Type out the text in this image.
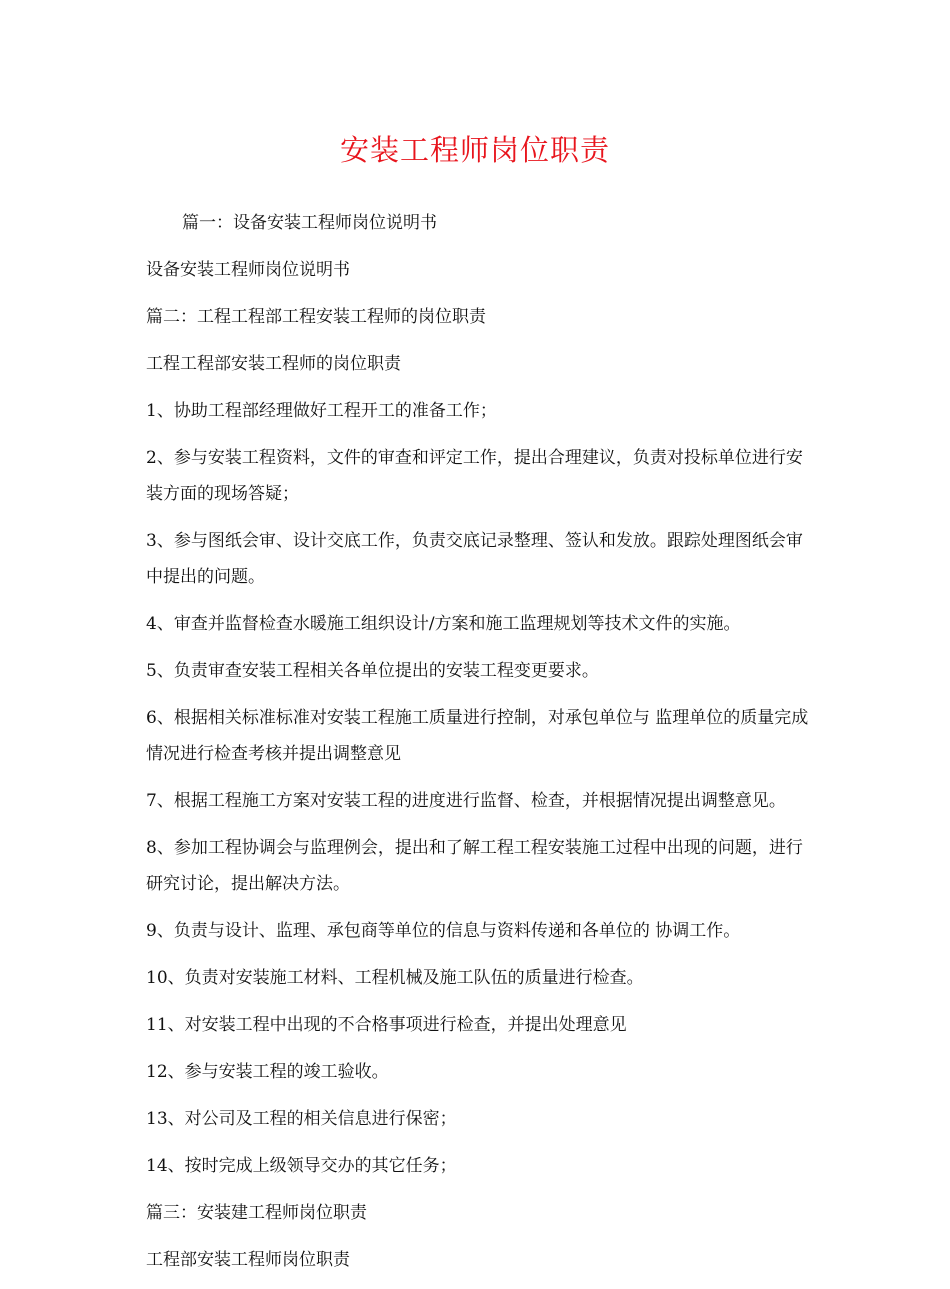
安装工程师岗位职责

篇一：设备安装工程师岗位说明书

设备安装工程师岗位说明书

篇二：工程工程部工程安装工程师的岗位职责

工程工程部安装工程师的岗位职责

1、协助工程部经理做好工程开工的准备工作；

2、参与安装工程资料，文件的审查和评定工作，提出合理建议，负责对投标单位进行安装方面的现场答疑；

3、参与图纸会审、设计交底工作，负责交底记录整理、签认和发放。跟踪处理图纸会审中提出的问题。

4、审查并监督检查水暖施工组织设计/方案和施工监理规划等技术文件的实施。

5、负责审查安装工程相关各单位提出的安装工程变更要求。

6、根据相关标准标准对安装工程施工质量进行控制，对承包单位与 监理单位的质量完成情况进行检查考核并提出调整意见

7、根据工程施工方案对安装工程的进度进行监督、检查，并根据情况提出调整意见。

8、参加工程协调会与监理例会，提出和了解工程工程安装施工过程中出现的问题，进行研究讨论，提出解决方法。

9、负责与设计、监理、承包商等单位的信息与资料传递和各单位的 协调工作。

10、负责对安装施工材料、工程机械及施工队伍的质量进行检查。

11、对安装工程中出现的不合格事项进行检查，并提出处理意见

12、参与安装工程的竣工验收。

13、对公司及工程的相关信息进行保密；

14、按时完成上级领导交办的其它任务；

篇三：安装建工程师岗位职责

工程部安装工程师岗位职责
